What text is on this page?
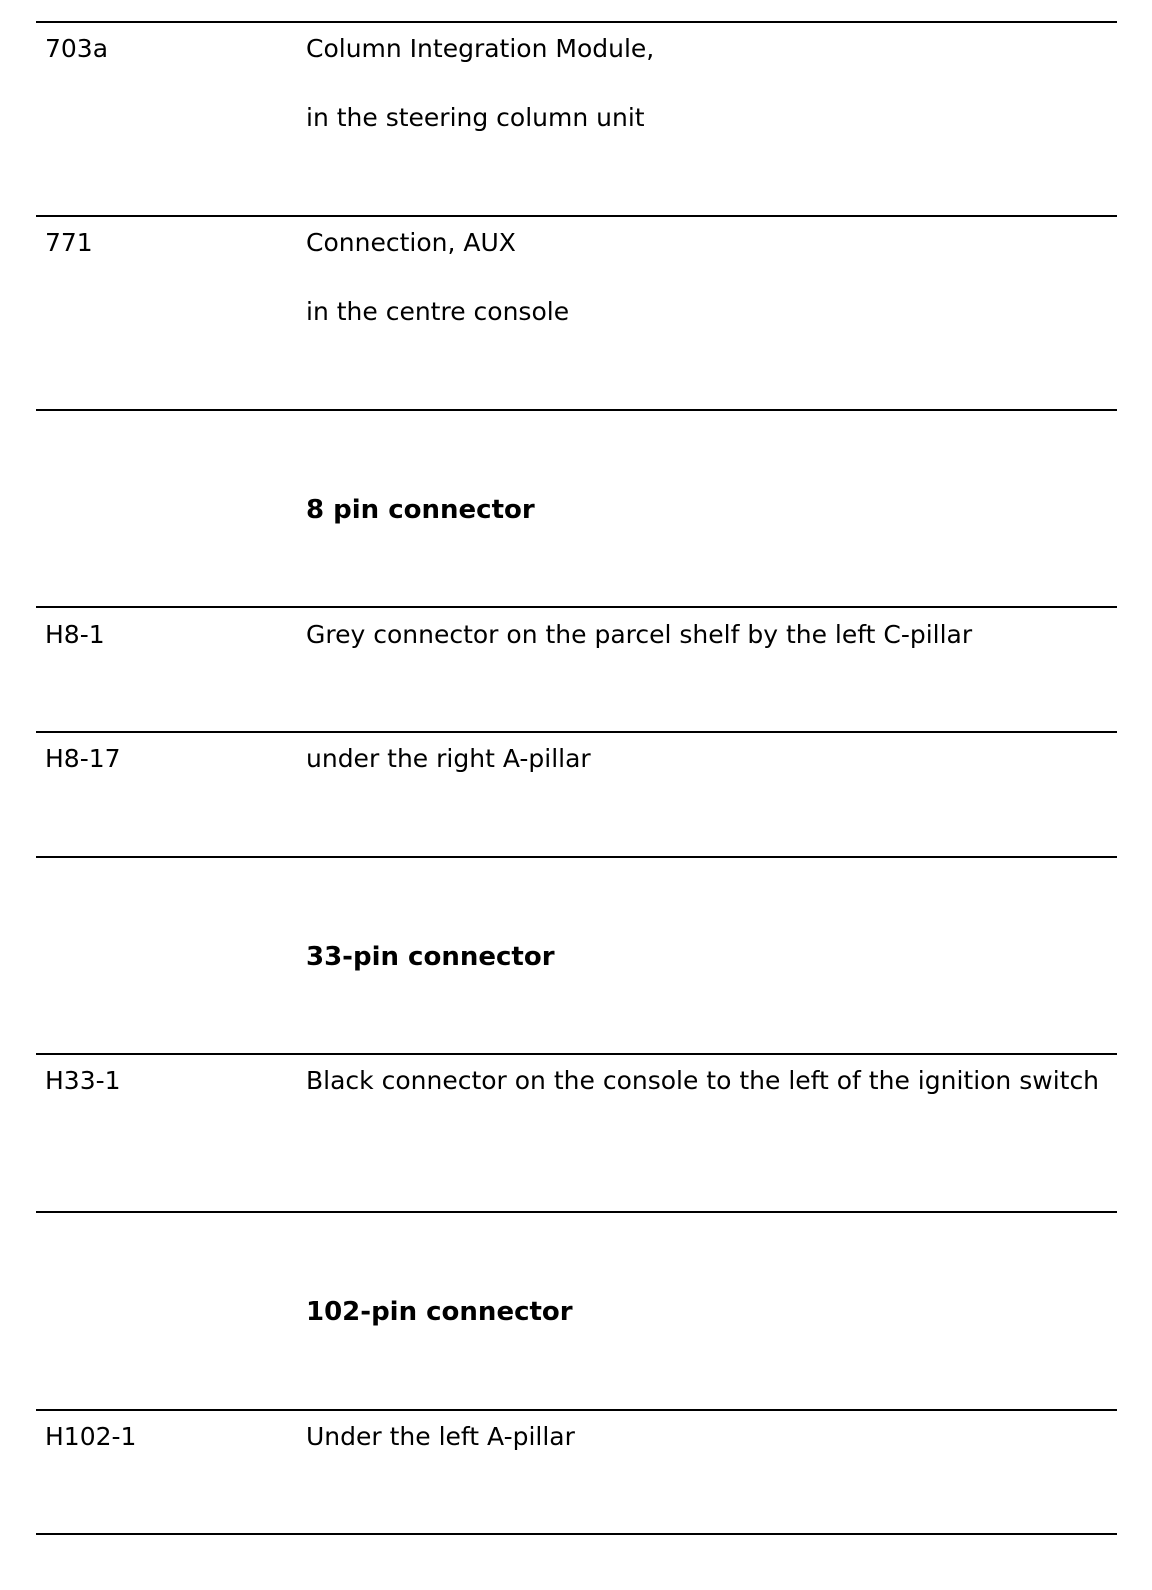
703a	Column Integration Module,

in the steering column unit

771	Connection, AUX

in the centre console

8 pin connector
H8-1	Grey connector on the parcel shelf by the left C-pillar

H8-17	under the right A-pillar

33-pin connector
H33-1	Black connector on the console to the left of the ignition switch

102-pin connector
H102-1	Under the left A-pillar
